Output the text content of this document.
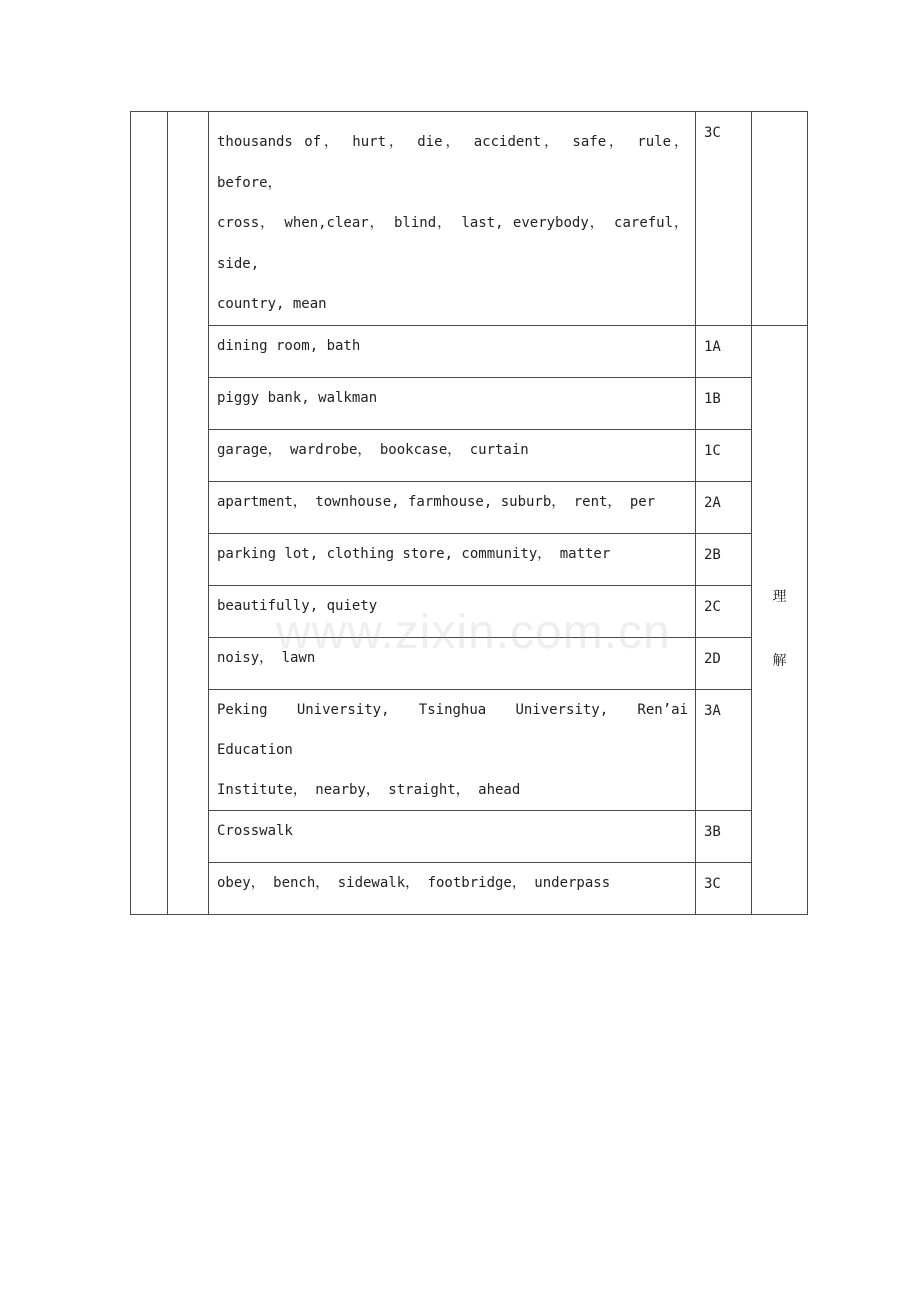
		thousands of， hurt， die， accident， safe， rule， before，
cross， when,clear， blind， last, everybody， careful， side,
country, mean	3C	

		dining room, bath	1A	理
解

		piggy bank, walkman	1B	

		garage， wardrobe， bookcase， curtain	1C	

		apartment， townhouse, farmhouse, suburb， rent， per	2A	

		parking lot, clothing store, community， matter	2B	

		beautifully, quiety	2C	

		noisy， lawn	2D	

		Peking University, Tsinghua University, Ren’ai Education
Institute， nearby， straight， ahead	3A	

		Crosswalk	3B	

		obey， bench， sidewalk， footbridge， underpass	3C	
www.zixin.com.cn
